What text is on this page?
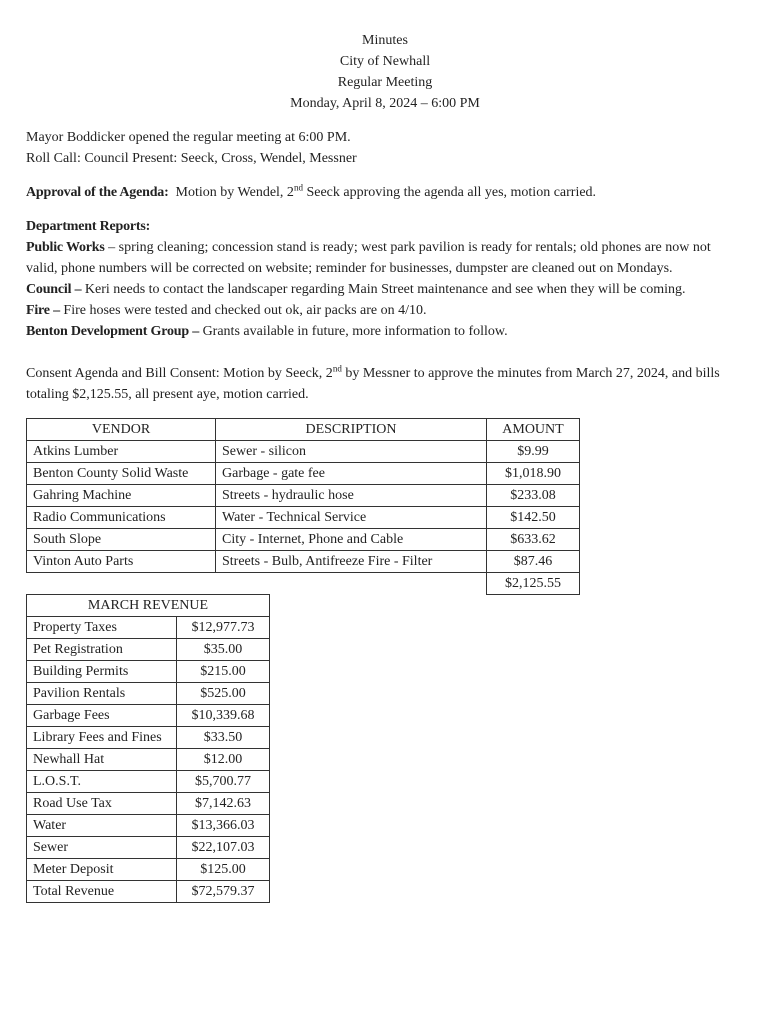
Minutes
City of Newhall
Regular Meeting
Monday, April 8, 2024 – 6:00 PM

Mayor Boddicker opened the regular meeting at 6:00 PM.

Roll Call: Council Present: Seeck, Cross, Wendel, Messner

Approval of the Agenda:  Motion by Wendel, 2nd Seeck approving the agenda all yes, motion carried.

Department Reports:

Public Works – spring cleaning; concession stand is ready; west park pavilion is ready for rentals; old phones are now not valid, phone numbers will be corrected on website; reminder for businesses, dumpster are cleaned out on Mondays.

Council – Keri needs to contact the landscaper regarding Main Street maintenance and see when they will be coming.

Fire – Fire hoses were tested and checked out ok, air packs are on 4/10.

Benton Development Group – Grants available in future, more information to follow.

Consent Agenda and Bill Consent: Motion by Seeck, 2nd by Messner to approve the minutes from March 27, 2024, and bills totaling $2,125.55, all present aye, motion carried.

VENDOR	DESCRIPTION	AMOUNT
Atkins Lumber	Sewer - silicon	$9.99
Benton County Solid Waste	Garbage - gate fee	$1,018.90
Gahring Machine	Streets - hydraulic hose	$233.08
Radio Communications	Water - Technical Service	$142.50
South Slope	City - Internet, Phone and Cable	$633.62
Vinton Auto Parts	Streets - Bulb, Antifreeze Fire - Filter	$87.46
		$2,125.55
MARCH REVENUE	
Property Taxes	$12,977.73
Pet Registration	$35.00
Building Permits	$215.00
Pavilion Rentals	$525.00
Garbage Fees	$10,339.68
Library Fees and Fines	$33.50
Newhall Hat	$12.00
L.O.S.T.	$5,700.77
Road Use Tax	$7,142.63
Water	$13,366.03
Sewer	$22,107.03
Meter Deposit	$125.00
Total Revenue	$72,579.37
